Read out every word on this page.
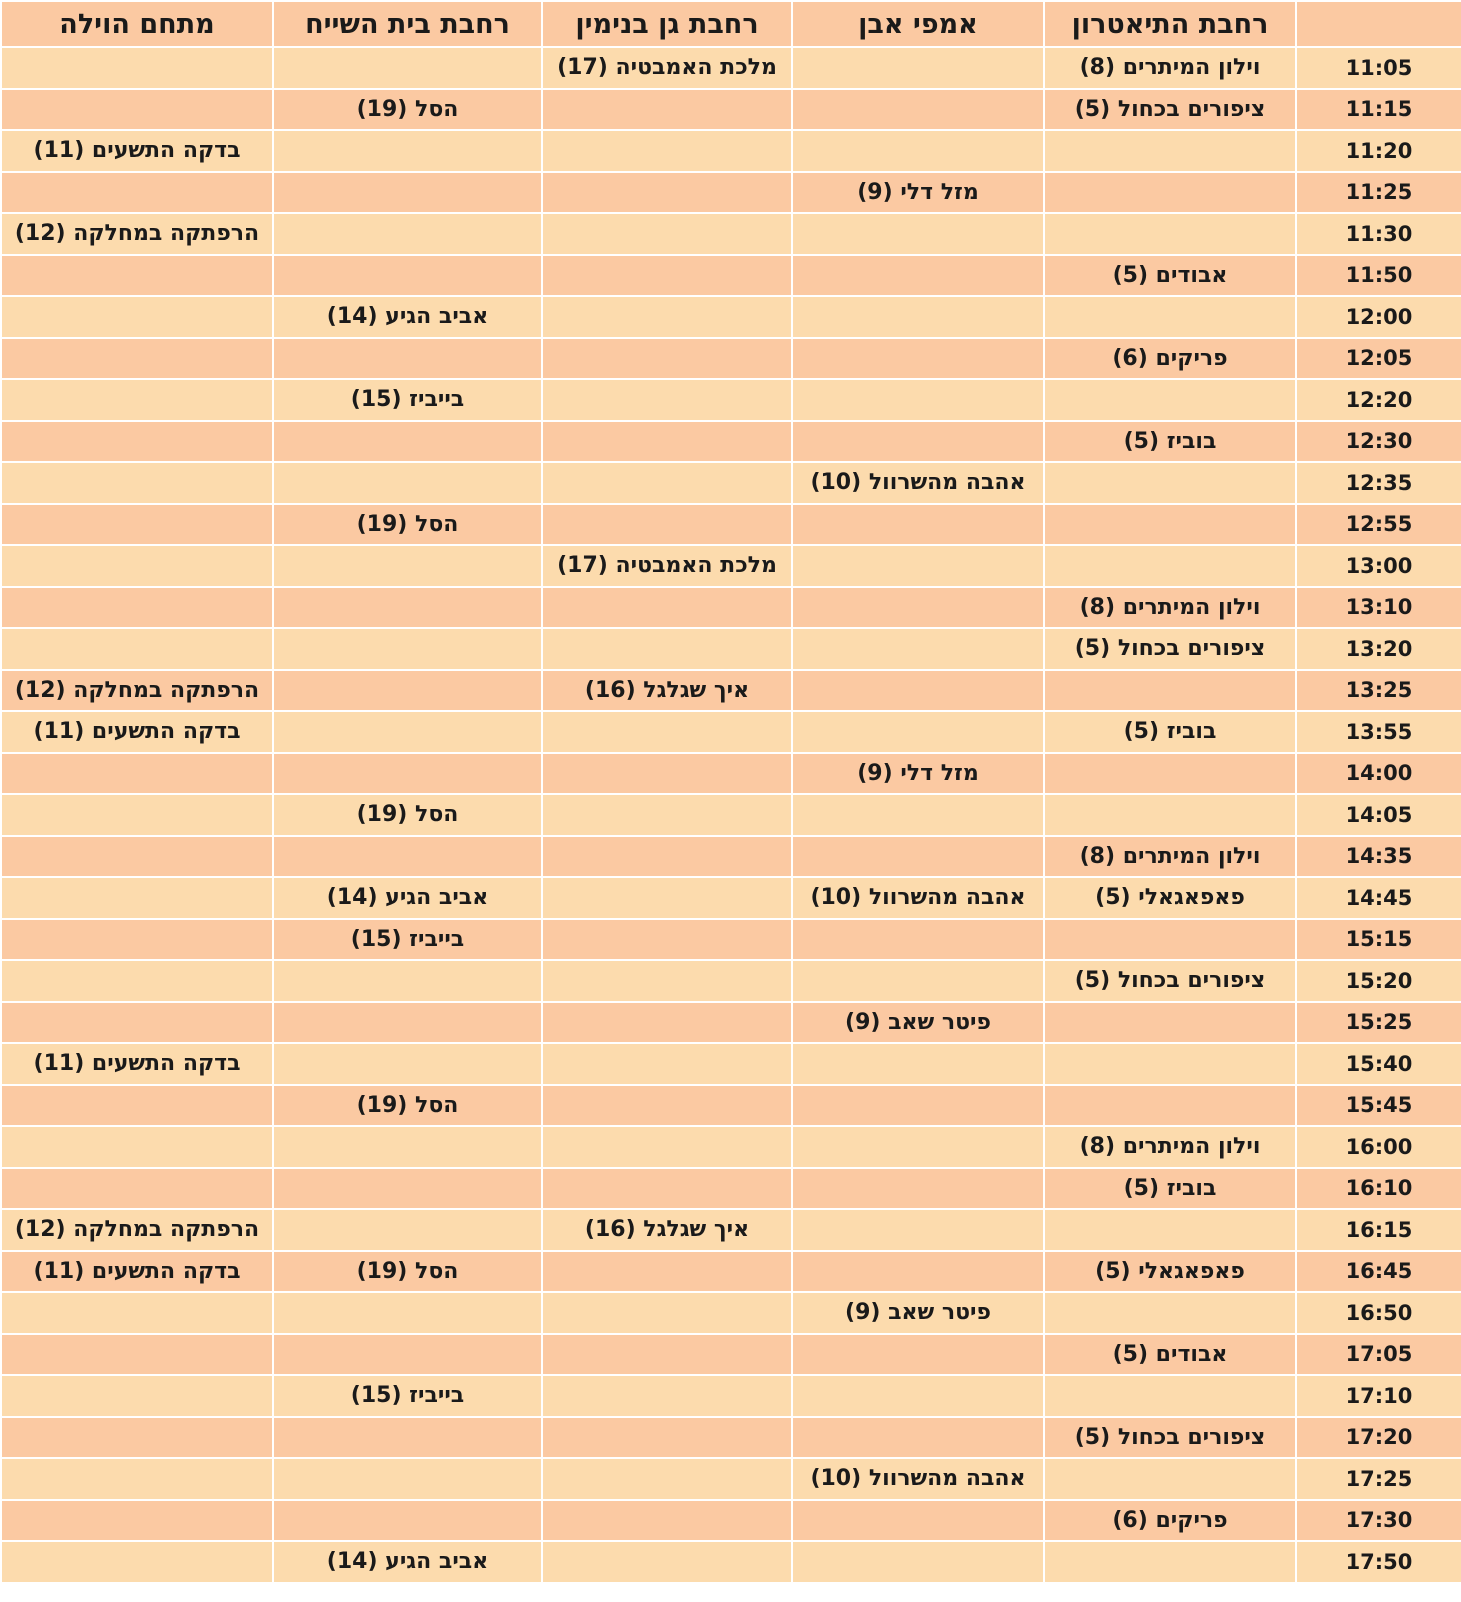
	רחבת התיאטרון	אמפי אבן	רחבת גן בנימין	רחבת בית השייח	מתחם הוילה
11:05	וילון המיתרים (8)		מלכת האמבטיה (17)		
11:15	ציפורים בכחול (5)			הסל (19)	
11:20					בדקה התשעים (11)
11:25		מזל דלי (9)			
11:30					הרפתקה במחלקה (12)
11:50	אבודים (5)				
12:00				אביב הגיע (14)	
12:05	פריקים (6)				
12:20				בייביז (15)	
12:30	בוביז (5)				
12:35		אהבה מהשרוול (10)			
12:55				הסל (19)	
13:00			מלכת האמבטיה (17)		
13:10	וילון המיתרים (8)				
13:20	ציפורים בכחול (5)				
13:25			איך שגלגל (16)		הרפתקה במחלקה (12)
13:55	בוביז (5)				בדקה התשעים (11)
14:00		מזל דלי (9)			
14:05				הסל (19)	
14:35	וילון המיתרים (8)				
14:45	פאפאגאלי (5)	אהבה מהשרוול (10)		אביב הגיע (14)	
15:15				בייביז (15)	
15:20	ציפורים בכחול (5)				
15:25		פיטר שאב (9)			
15:40					בדקה התשעים (11)
15:45				הסל (19)	
16:00	וילון המיתרים (8)				
16:10	בוביז (5)				
16:15			איך שגלגל (16)		הרפתקה במחלקה (12)
16:45	פאפאגאלי (5)			הסל (19)	בדקה התשעים (11)
16:50		פיטר שאב (9)			
17:05	אבודים (5)				
17:10				בייביז (15)	
17:20	ציפורים בכחול (5)				
17:25		אהבה מהשרוול (10)			
17:30	פריקים (6)				
17:50				אביב הגיע (14)	
